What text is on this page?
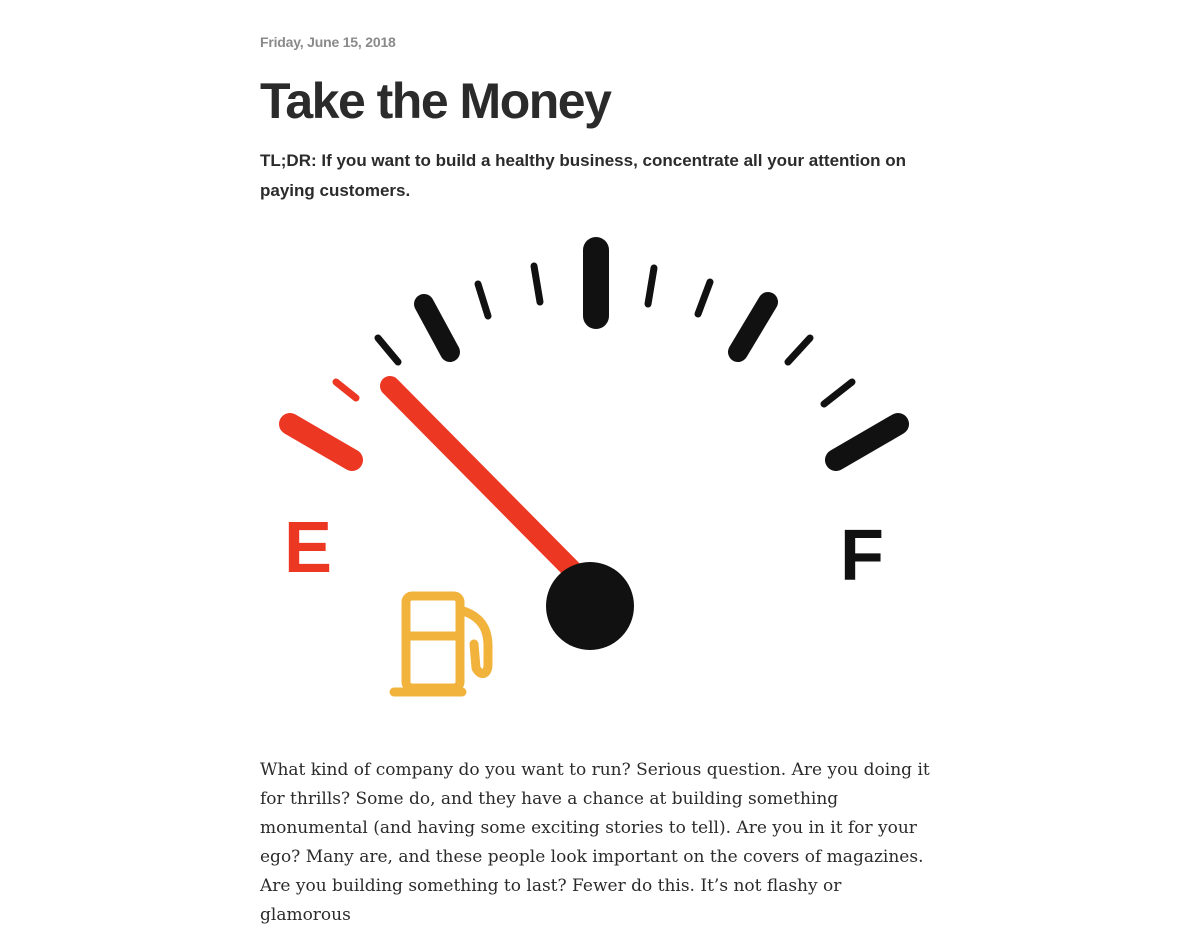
Friday, June 15, 2018

Take the Money

TL;DR: If you want to build a healthy business, concentrate all your attention on paying customers.

E	F

What kind of company do you want to run? Serious question. Are you doing it for thrills? Some do, and they have a chance at building something monumental (and having some exciting stories to tell). Are you in it for your ego? Many are, and these people look important on the covers of magazines. Are you building something to last? Fewer do this. It’s not flashy or glamorous
